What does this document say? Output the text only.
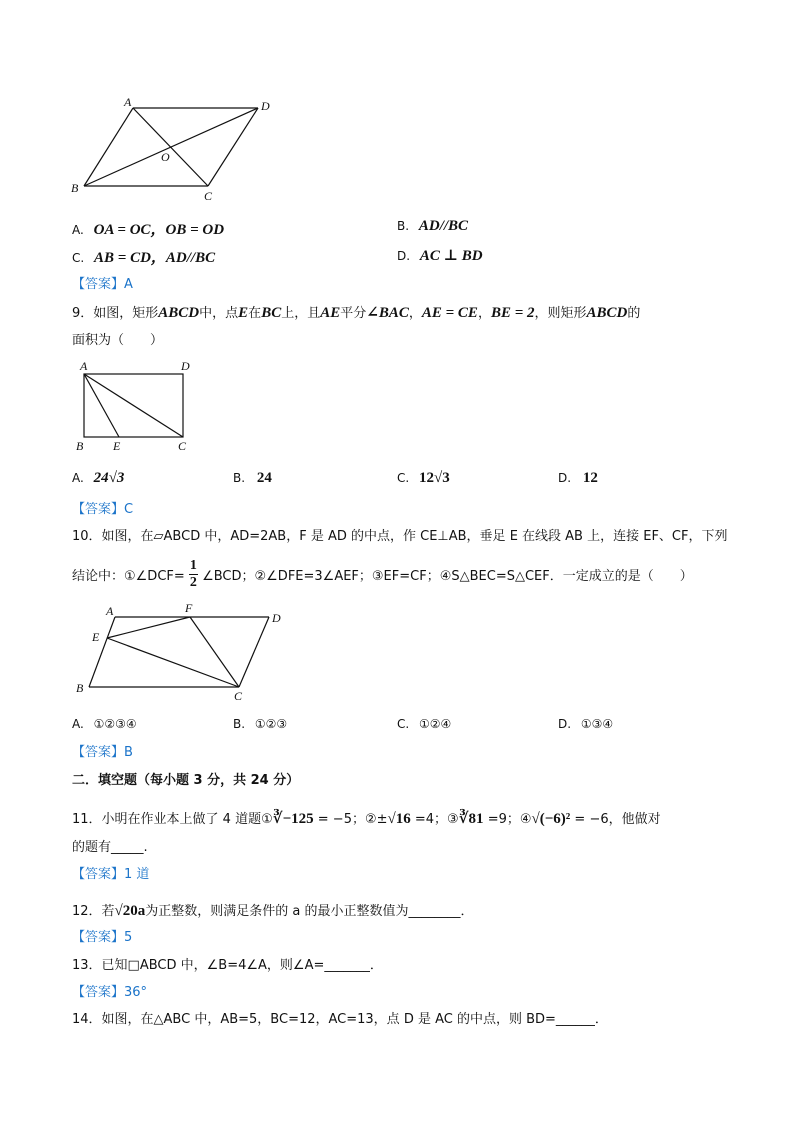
A	D
O
B
C
A. OA = OC，OB = OD	B. AD//BC
C. AB = CD，AD//BC	D. AC ⊥ BD
【答案】A
9．如图，矩形ABCD中，点E在BC上，且AE平分∠BAC，AE = CE，BE = 2，则矩形ABCD的
面积为（　　）
A	D
B E	C
A. 24√3	B. 24	C. 12√3	D. 12
【答案】C
10．如图，在▱ABCD 中，AD=2AB，F 是 AD 的中点，作 CE⊥AB，垂足 E 在线段 AB 上，连接 EF、CF，下列
结论中：①∠DCF= $\frac{1}{2}$ ∠BCD；②∠DFE=3∠AEF；③EF=CF；④S△BEC=S△CEF．一定成立的是（　　）
A	F
D
E
B
C
A. ①②③④	B. ①②③	C. ①②④	D. ①③④
【答案】B
二．填空题（每小题 3 分，共 24 分）
11．小明在作业本上做了 4 道题①∛−125 = −5；②±√16 =4；③∛81 =9；④√(−6)² = −6，他做对
的题有_____.
【答案】1 道
12．若√20a为正整数，则满足条件的 a 的最小正整数值为________．
【答案】5
13．已知□ABCD 中，∠B=4∠A，则∠A=_______．
【答案】36°
14．如图，在△ABC 中，AB=5，BC=12，AC=13，点 D 是 AC 的中点，则 BD=______．
